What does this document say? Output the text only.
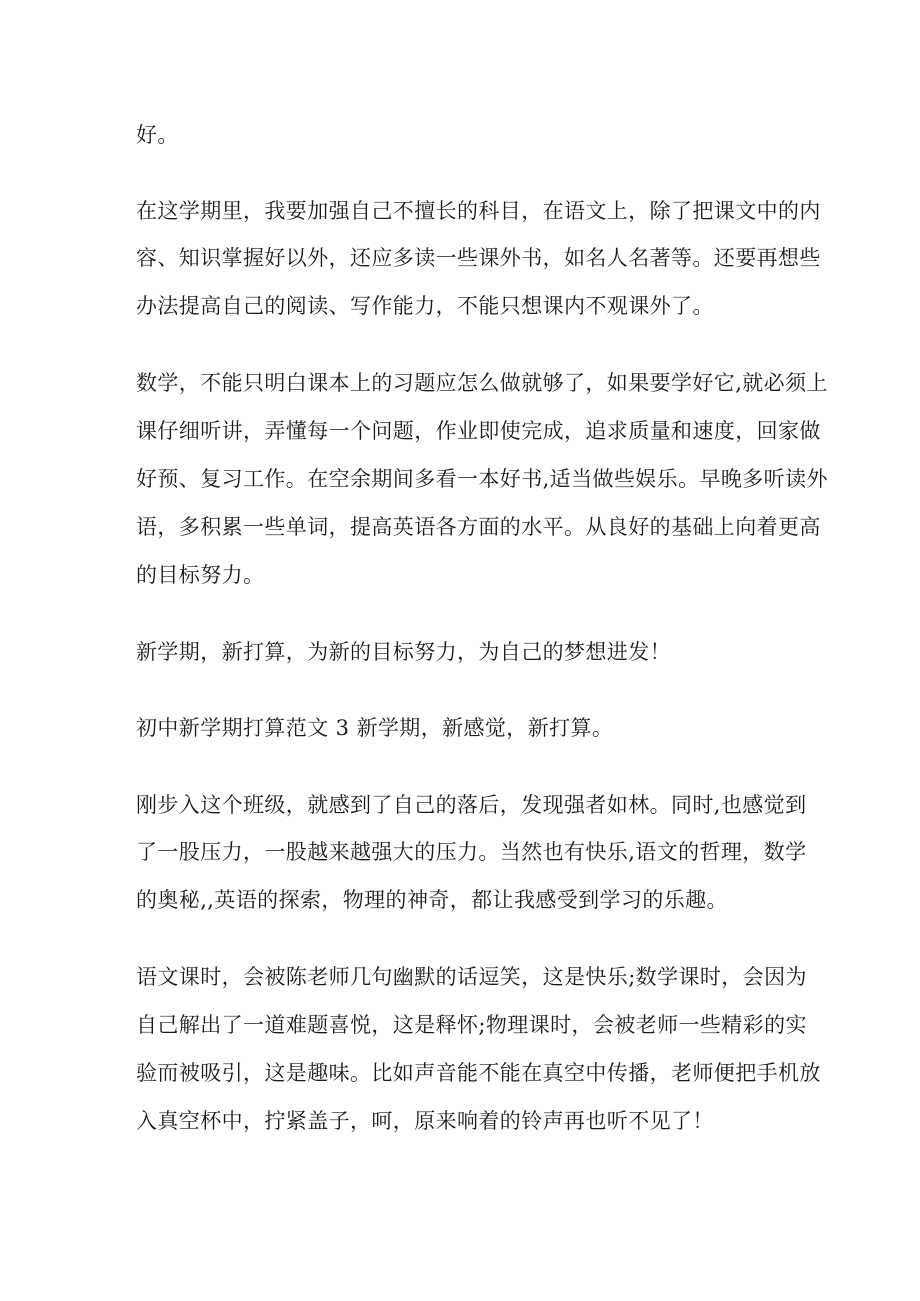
好。

在这学期里，我要加强自己不擅长的科目，在语文上，除了把课文中的内

容、知识掌握好以外，还应多读一些课外书，如名人名著等。还要再想些

办法提高自己的阅读、写作能力，不能只想课内不观课外了。

数学，不能只明白课本上的习题应怎么做就够了，如果要学好它,就必须上

课仔细听讲，弄懂每一个问题，作业即使完成，追求质量和速度，回家做

好预、复习工作。在空余期间多看一本好书,适当做些娱乐。早晚多听读外

语，多积累一些单词，提高英语各方面的水平。从良好的基础上向着更高

的目标努力。

新学期，新打算，为新的目标努力，为自己的梦想进发！

初中新学期打算范文 3 新学期，新感觉，新打算。

刚步入这个班级，就感到了自己的落后，发现强者如林。同时,也感觉到

了一股压力，一股越来越强大的压力。当然也有快乐,语文的哲理，数学

的奥秘,,英语的探索，物理的神奇，都让我感受到学习的乐趣。

语文课时，会被陈老师几句幽默的话逗笑，这是快乐;数学课时，会因为

自己解出了一道难题喜悦，这是释怀;物理课时，会被老师一些精彩的实

验而被吸引，这是趣味。比如声音能不能在真空中传播，老师便把手机放

入真空杯中，拧紧盖子，呵，原来响着的铃声再也听不见了！
